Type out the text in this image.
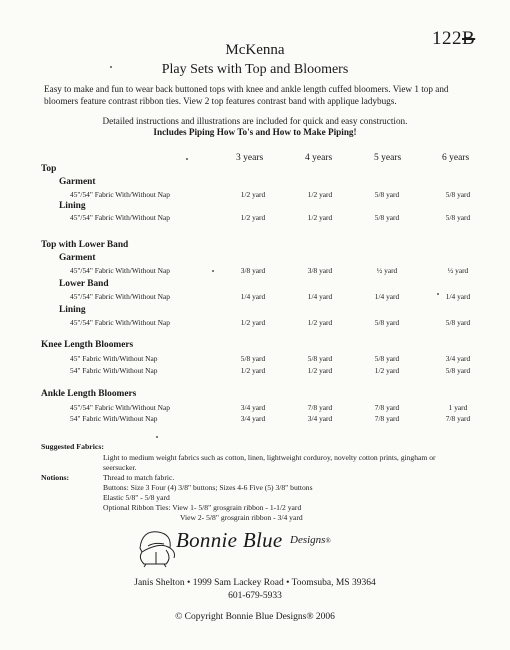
122B
McKenna
Play Sets with Top and Bloomers
Easy to make and fun to wear back buttoned tops with knee and ankle length cuffed bloomers. View 1 top and bloomers feature contrast ribbon ties. View 2 top features contrast band with applique ladybugs.
Detailed instructions and illustrations are included for quick and easy construction.
Includes Piping How To's and How to Make Piping!
3 years	4 years	5 years	6 years
Top
Garment
45"/54" Fabric With/Without Nap	1/2 yard	1/2 yard	5/8 yard	5/8 yard
Lining
45"/54" Fabric With/Without Nap	1/2 yard	1/2 yard	5/8 yard	5/8 yard
Top with Lower Band
Garment
45"/54" Fabric With/Without Nap	3/8 yard	3/8 yard	½ yard	½ yard
Lower Band
45"/54" Fabric With/Without Nap	1/4 yard	1/4 yard	1/4 yard	1/4 yard
Lining
45"/54" Fabric With/Without Nap	1/2 yard	1/2 yard	5/8 yard	5/8 yard
Knee Length Bloomers
45" Fabric With/Without Nap	5/8 yard	5/8 yard	5/8 yard	3/4 yard
54" Fabric With/Without Nap	1/2 yard	1/2 yard	1/2 yard	5/8 yard
Ankle Length Bloomers
45"/54" Fabric With/Without Nap	3/4 yard	7/8 yard	7/8 yard	1 yard
54" Fabric With/Without Nap	3/4 yard	3/4 yard	7/8 yard	7/8 yard
Suggested Fabrics:
Light to medium weight fabrics such as cotton, linen, lightweight corduroy, novelty cotton prints, gingham or
seersucker.
Notions:	Thread to match fabric.
Buttons: Size 3 Four (4) 3/8" buttons; Sizes 4-6 Five (5) 3/8" buttons
Elastic 5/8" - 5/8 yard
Optional Ribbon Ties: View 1- 5/8" grosgrain ribbon - 1-1/2 yard
View 2- 5/8" grosgrain ribbon - 3/4 yard
Bonnie Blue Designs®
Janis Shelton • 1999 Sam Lackey Road • Toomsuba, MS 39364
601-679-5933
© Copyright Bonnie Blue Designs® 2006
